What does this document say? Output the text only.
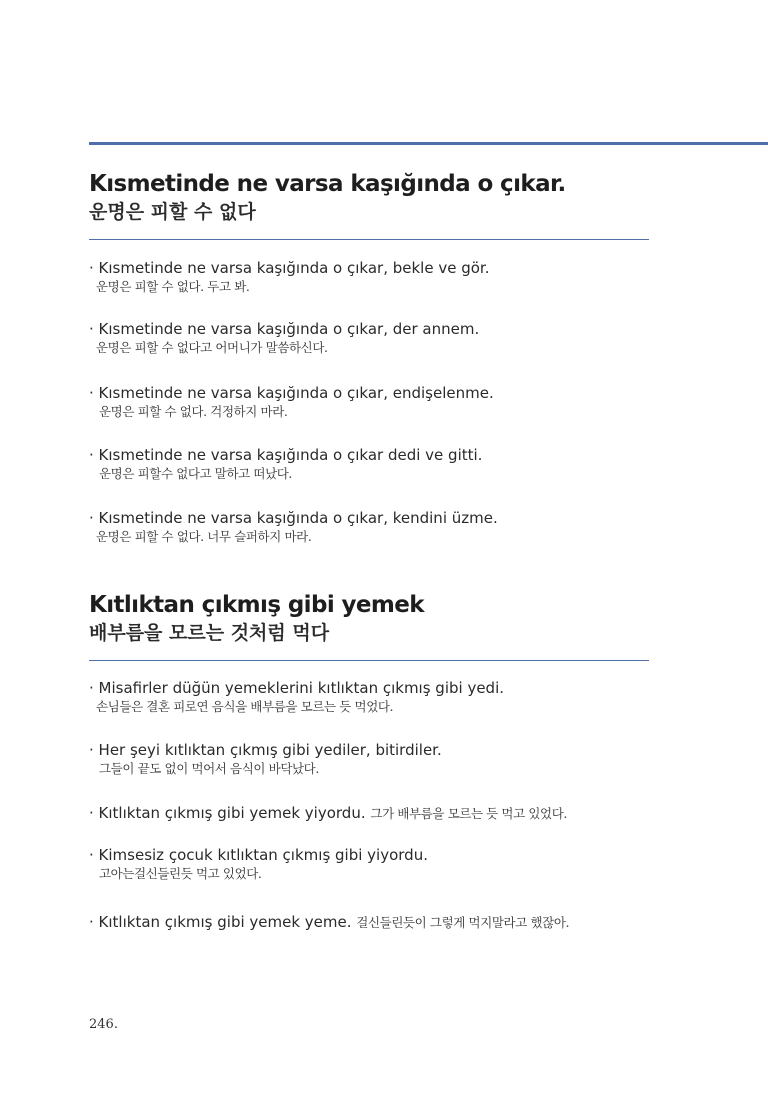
Kısmetinde ne varsa kaşığında o çıkar.
운명은 피할 수 없다
· Kısmetinde ne varsa kaşığında o çıkar, bekle ve gör.
운명은 피할 수 없다. 두고 봐.
· Kısmetinde ne varsa kaşığında o çıkar, der annem.
운명은 피할 수 없다고 어머니가 말씀하신다.
· Kısmetinde ne varsa kaşığında o çıkar, endişelenme.
운명은 피할 수 없다. 걱정하지 마라.
· Kısmetinde ne varsa kaşığında o çıkar dedi ve gitti.
운명은 피할수 없다고 말하고 떠났다.
· Kısmetinde ne varsa kaşığında o çıkar, kendini üzme.
운명은 피할 수 없다. 너무 슬퍼하지 마라.
Kıtlıktan çıkmış gibi yemek
배부름을 모르는 것처럼 먹다
· Misafirler düğün yemeklerini kıtlıktan çıkmış gibi yedi.
손님들은 결혼 피로연 음식을 배부름을 모르는 듯 먹었다.
· Her şeyi kıtlıktan çıkmış gibi yediler, bitirdiler.
그들이 끝도 없이 먹어서 음식이 바닥났다.
· Kıtlıktan çıkmış gibi yemek yiyordu. 그가 배부름을 모르는 듯 먹고 있었다.
· Kimsesiz çocuk kıtlıktan çıkmış gibi yiyordu.
고아는걸신들린듯 먹고 있었다.
· Kıtlıktan çıkmış gibi yemek yeme. 걸신들린듯이 그렇게 먹지말라고 했잖아.
246.
